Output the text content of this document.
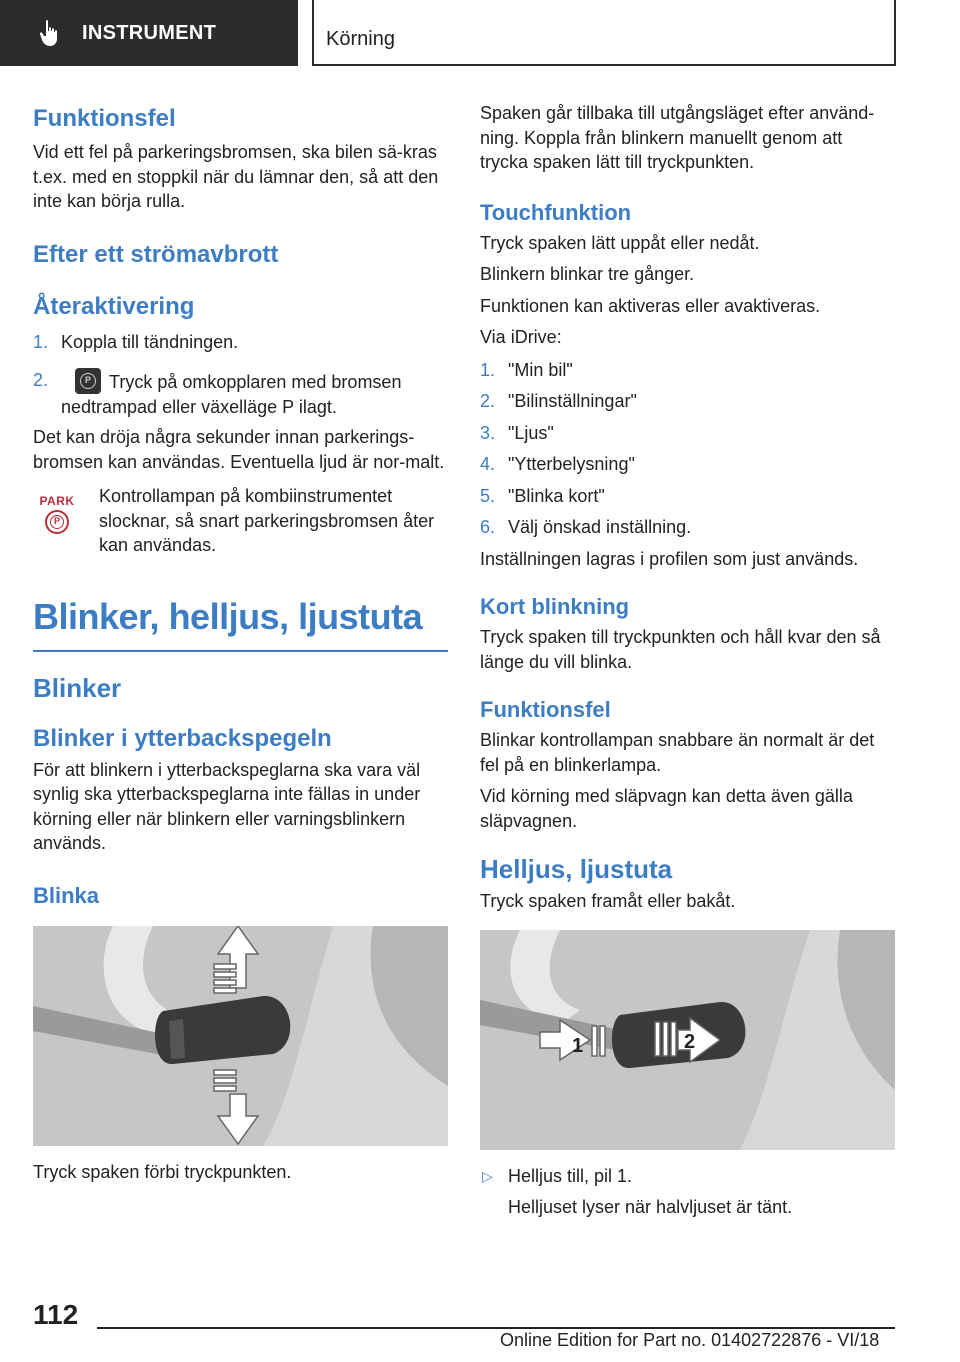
INSTRUMENT	Körning
Funktionsfel

Vid ett fel på parkeringsbromsen, ska bilen sä-kras t.ex. med en stoppkil när du lämnar den, så att den inte kan börja rulla.

Efter ett strömavbrott
Återaktivering
1. Koppla till tändningen.
2.	P Tryck på omkopplaren med bromsen
nedtrampad eller växelläge P ilagt.

Det kan dröja några sekunder innan parkerings-bromsen kan användas. Eventuella ljud är nor-malt.

PARK
P

Kontrollampan på kombiinstrumentet slocknar, så snart parkeringsbromsen åter kan användas.

Blinker, helljus, ljustuta
Blinker
Blinker i ytterbackspegeln

För att blinkern i ytterbackspeglarna ska vara väl synlig ska ytterbackspeglarna inte fällas in under körning eller när blinkern eller varningsblinkern används.

Blinka

Tryck spaken förbi tryckpunkten.

Spaken går tillbaka till utgångsläget efter använd-ning. Koppla från blinkern manuellt genom att trycka spaken lätt till tryckpunkten.

Touchfunktion

Tryck spaken lätt uppåt eller nedåt.

Blinkern blinkar tre gånger.

Funktionen kan aktiveras eller avaktiveras.

Via iDrive:

1. "Min bil"
2. "Bilinställningar"
3. "Ljus"
4. "Ytterbelysning"
5. "Blinka kort"
6. Välj önskad inställning.

Inställningen lagras i profilen som just används.

Kort blinkning

Tryck spaken till tryckpunkten och håll kvar den så länge du vill blinka.

Funktionsfel

Blinkar kontrollampan snabbare än normalt är det fel på en blinkerlampa.

Vid körning med släpvagn kan detta även gälla släpvagnen.

Helljus, ljustuta

Tryck spaken framåt eller bakåt.

1	2
▷ Helljus till, pil 1.
Helljuset lyser när halvljuset är tänt.
112
Online Edition for Part no. 01402722876 - VI/18
